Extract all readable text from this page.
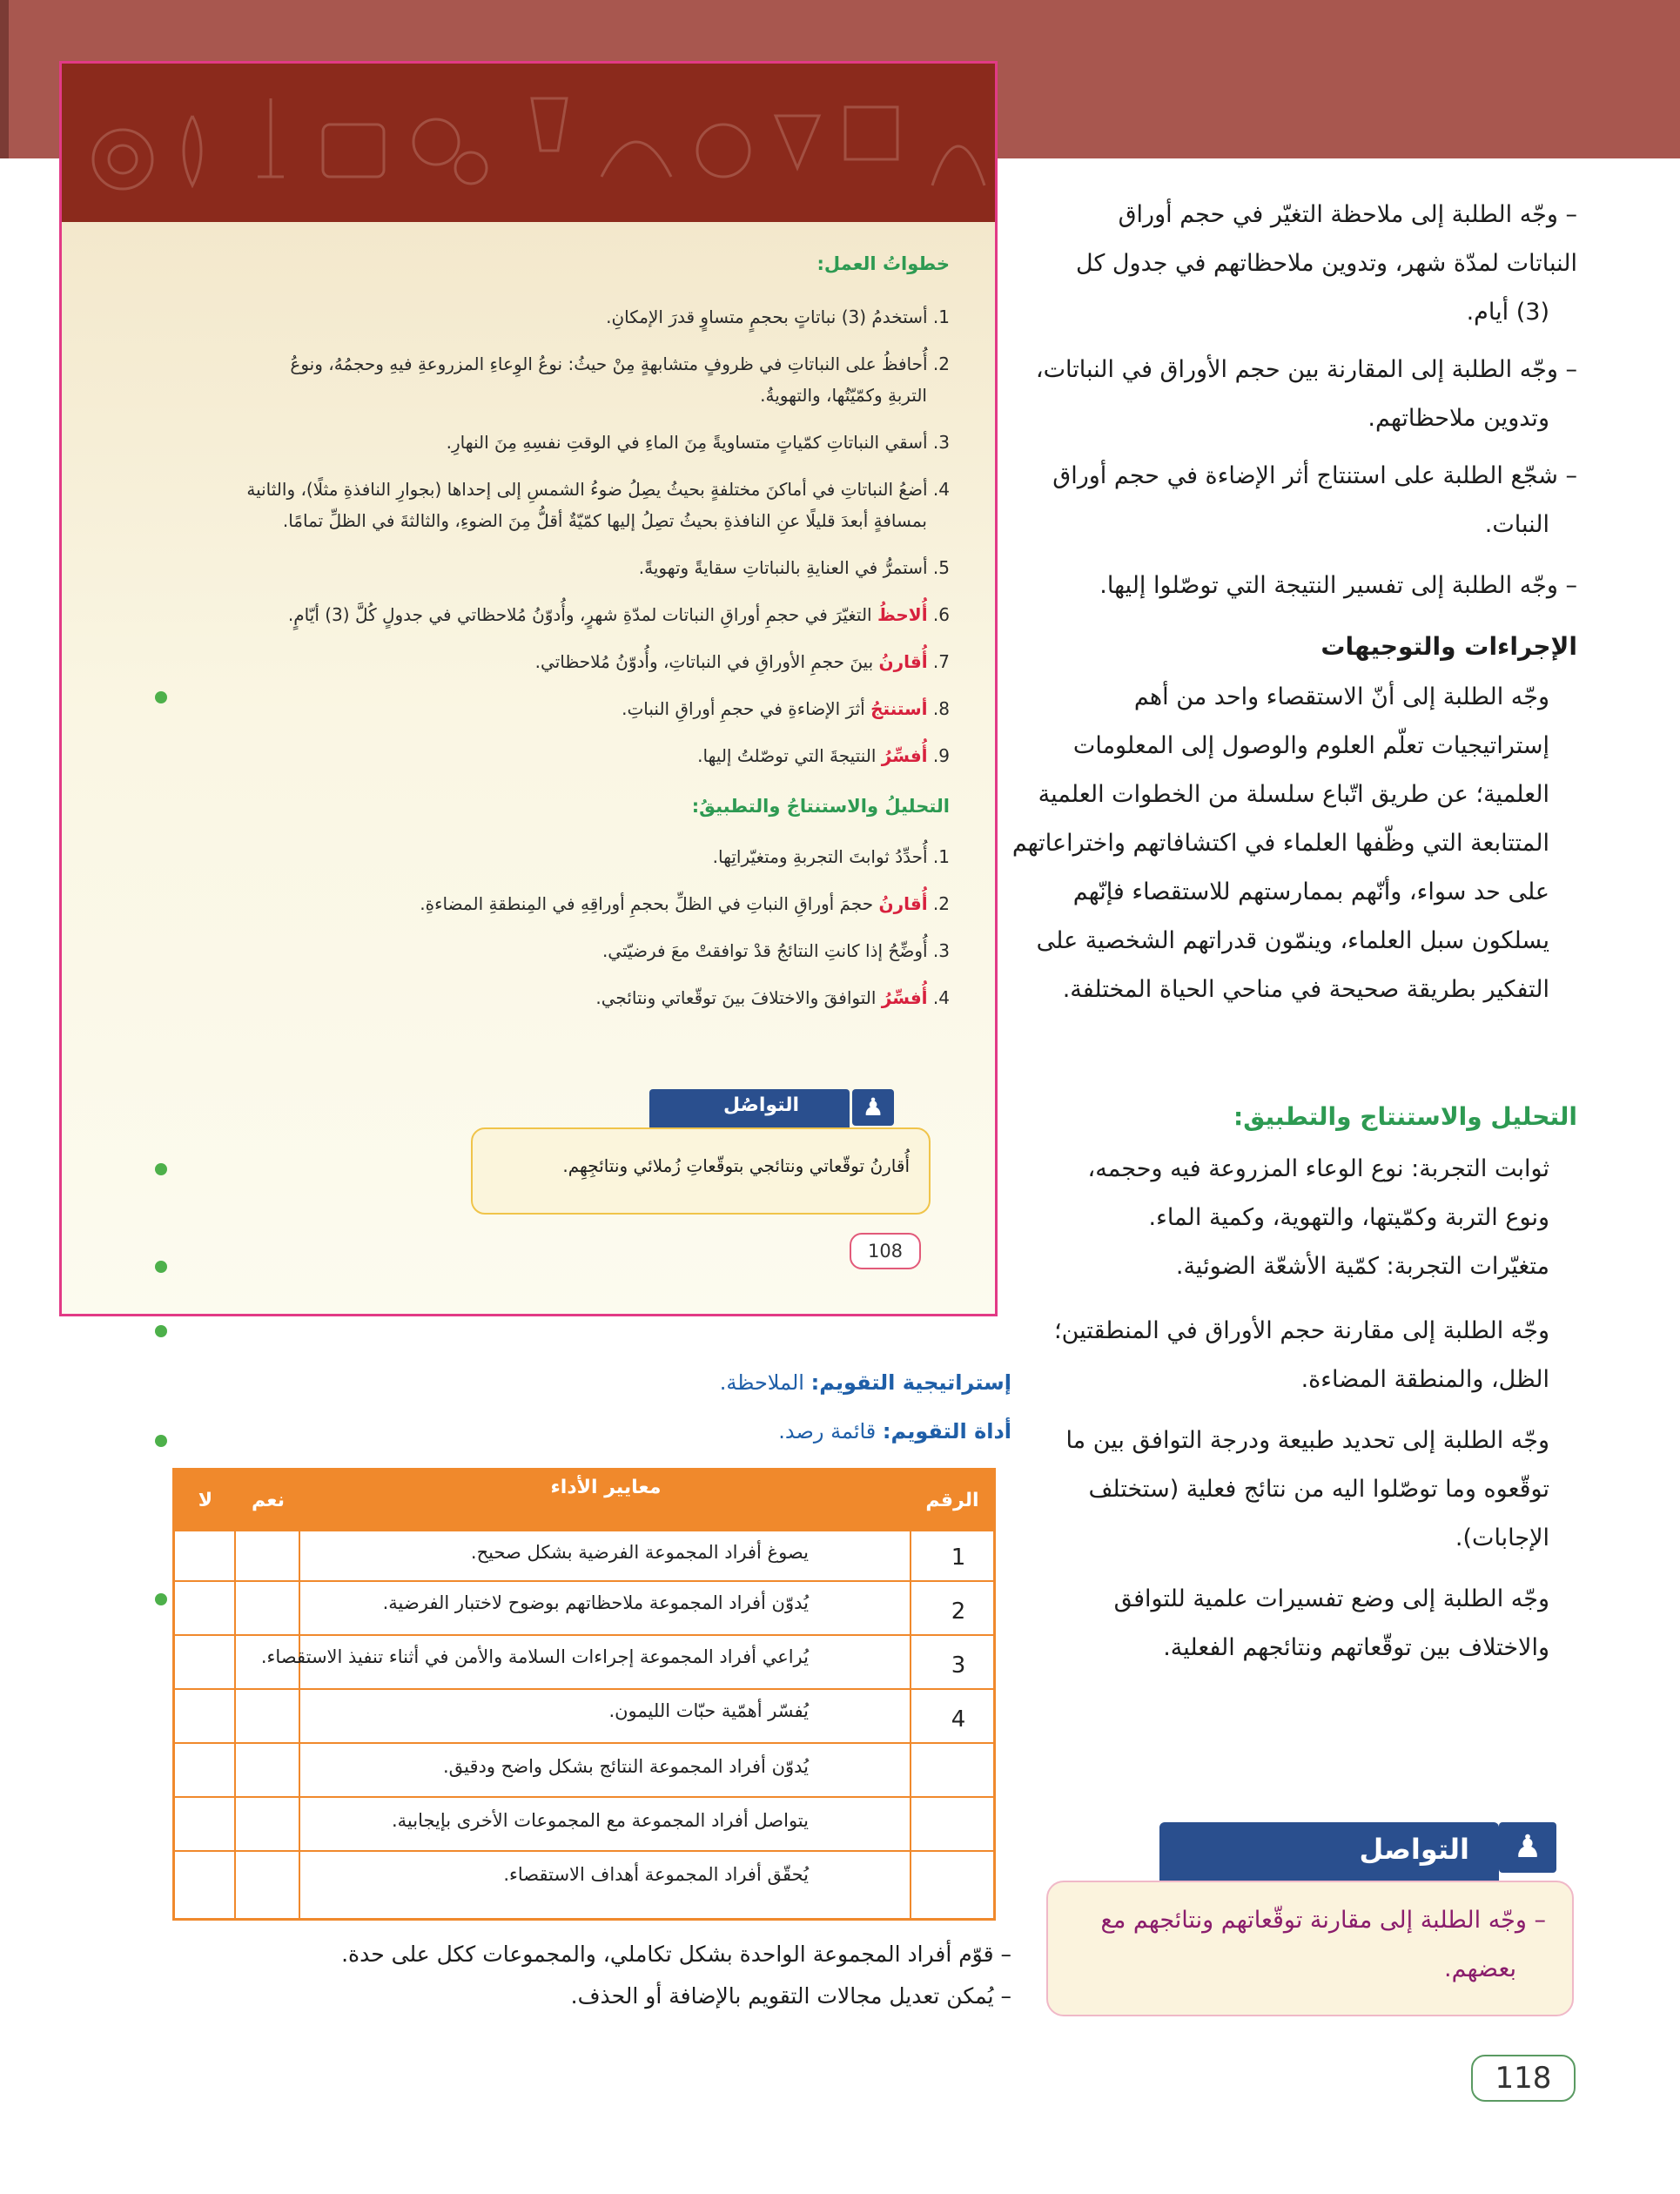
خطواتُ العمل:
1. أستخدمُ (3) نباتاتٍ بحجمٍ متساوٍ قدرَ الإمكانِ.
2. أُحافظُ على النباتاتِ في ظروفٍ متشابهةٍ مِنْ حيثُ: نوعُ الوِعاءِ المزروعةِ فيهِ وحجمُهُ، ونوعُ
التربةِ وكمّيّتُها، والتهويةُ.
3. أسقي النباتاتِ كمّياتٍ متساويةً مِنَ الماءِ في الوقتِ نفسِهِ مِنَ النهارِ.
4. أضعُ النباتاتِ في أماكنَ مختلفةٍ بحيثُ يصِلُ ضوءُ الشمسِ إلى إحداها (بجوارِ النافذةِ مثلًا)، والثانية
بمسافةٍ أبعدَ قليلًا عنِ النافذةِ بحيثُ تصِلُ إليها كمّيّةٌ أقلُّ مِنَ الضوءِ، والثالثةَ في الظلِّ تمامًا.
5. أستمرُّ في العنايةِ بالنباتاتِ سقايةً وتهويةً.
6. أُلاحظُ التغيّرَ في حجمِ أوراقِ النباتات لمدّةِ شهرٍ، وأُدوّنُ مُلاحظاتي في جدولٍ كُلَّ (3) أيّامٍ.
7. أُقارنُ بينَ حجمِ الأوراقِ في النباتاتِ، وأُدوّنُ مُلاحظاتي.
8. أستنتجُ أثرَ الإضاءةِ في حجمِ أوراقِ النباتِ.
9. أُفسِّرُ النتيجةَ التي توصّلتُ إليها.
التحليلُ والاستنتاجُ والتطبيقُ:
1. أُحدِّدُ ثوابتَ التجربةِ ومتغيّراتِها.
2. أُقارنُ حجمَ أوراقِ النباتِ في الظلِّ بحجمِ أوراقِهِ في المِنطقةِ المضاءةِ.
3. أُوضِّحُ إذا كانتِ النتائجُ قدْ توافقتْ معَ فرضيّتي.
4. أُفسِّرُ التوافقَ والاختلافَ بينَ توقّعاتي ونتائجي.
♟
التواصُل
أُقارنُ توقّعاتي ونتائجي بتوقّعاتِ زُملائي ونتائجِهِم.
108
– وجّه الطلبة إلى ملاحظة التغيّر في حجم أوراق
النباتات لمدّة شهر، وتدوين ملاحظاتهم في جدول كل
(3) أيام.
– وجّه الطلبة إلى المقارنة بين حجم الأوراق في النباتات،
وتدوين ملاحظاتهم.
– شجّع الطلبة على استنتاج أثر الإضاءة في حجم أوراق
النبات.
– وجّه الطلبة إلى تفسير النتيجة التي توصّلوا إليها.
الإجراءات والتوجيهات
وجّه الطلبة إلى أنّ الاستقصاء واحد من أهم
إستراتيجيات تعلّم العلوم والوصول إلى المعلومات
العلمية؛ عن طريق اتّباع سلسلة من الخطوات العلمية
المتتابعة التي وظّفها العلماء في اكتشافاتهم واختراعاتهم
على حد سواء، وأنّهم بممارستهم للاستقصاء فإنّهم
يسلكون سبل العلماء، وينمّون قدراتهم الشخصية على
التفكير بطريقة صحيحة في مناحي الحياة المختلفة.
التحليل والاستنتاج والتطبيق:
ثوابت التجربة: نوع الوعاء المزروعة فيه وحجمه،
ونوع التربة وكمّيتها، والتهوية، وكمية الماء.
متغيّرات التجربة: كمّية الأشعّة الضوئية.
وجّه الطلبة إلى مقارنة حجم الأوراق في المنطقتين؛
الظل، والمنطقة المضاءة.
وجّه الطلبة إلى تحديد طبيعة ودرجة التوافق بين ما
توقّعوه وما توصّلوا اليه من نتائج فعلية (ستختلف
الإجابات).
وجّه الطلبة إلى وضع تفسيرات علمية للتوافق
والاختلاف بين توقّعاتهم ونتائجهم الفعلية.
♟
التواصل
– وجّه الطلبة إلى مقارنة توقّعاتهم ونتائجهم مع
بعضهم.
118
إستراتيجية التقويم: الملاحظة.
أداة التقويم: قائمة رصد.
الرقم
معايير الأداء
نعم
لا
1
يصوغ أفراد المجموعة الفرضية بشكل صحيح.
2
يُدوّن أفراد المجموعة ملاحظاتهم بوضوح لاختبار الفرضية.
3
يُراعي أفراد المجموعة إجراءات السلامة والأمن في أثناء تنفيذ الاستقصاء.
4
يُفسّر أهمّية حبّات الليمون.
يُدوّن أفراد المجموعة النتائج بشكل واضح ودقيق.
يتواصل أفراد المجموعة مع المجموعات الأخرى بإيجابية.
يُحقّق أفراد المجموعة أهداف الاستقصاء.
– قوّم أفراد المجموعة الواحدة بشكل تكاملي، والمجموعات ككل على حدة.
– يُمكن تعديل مجالات التقويم بالإضافة أو الحذف.
